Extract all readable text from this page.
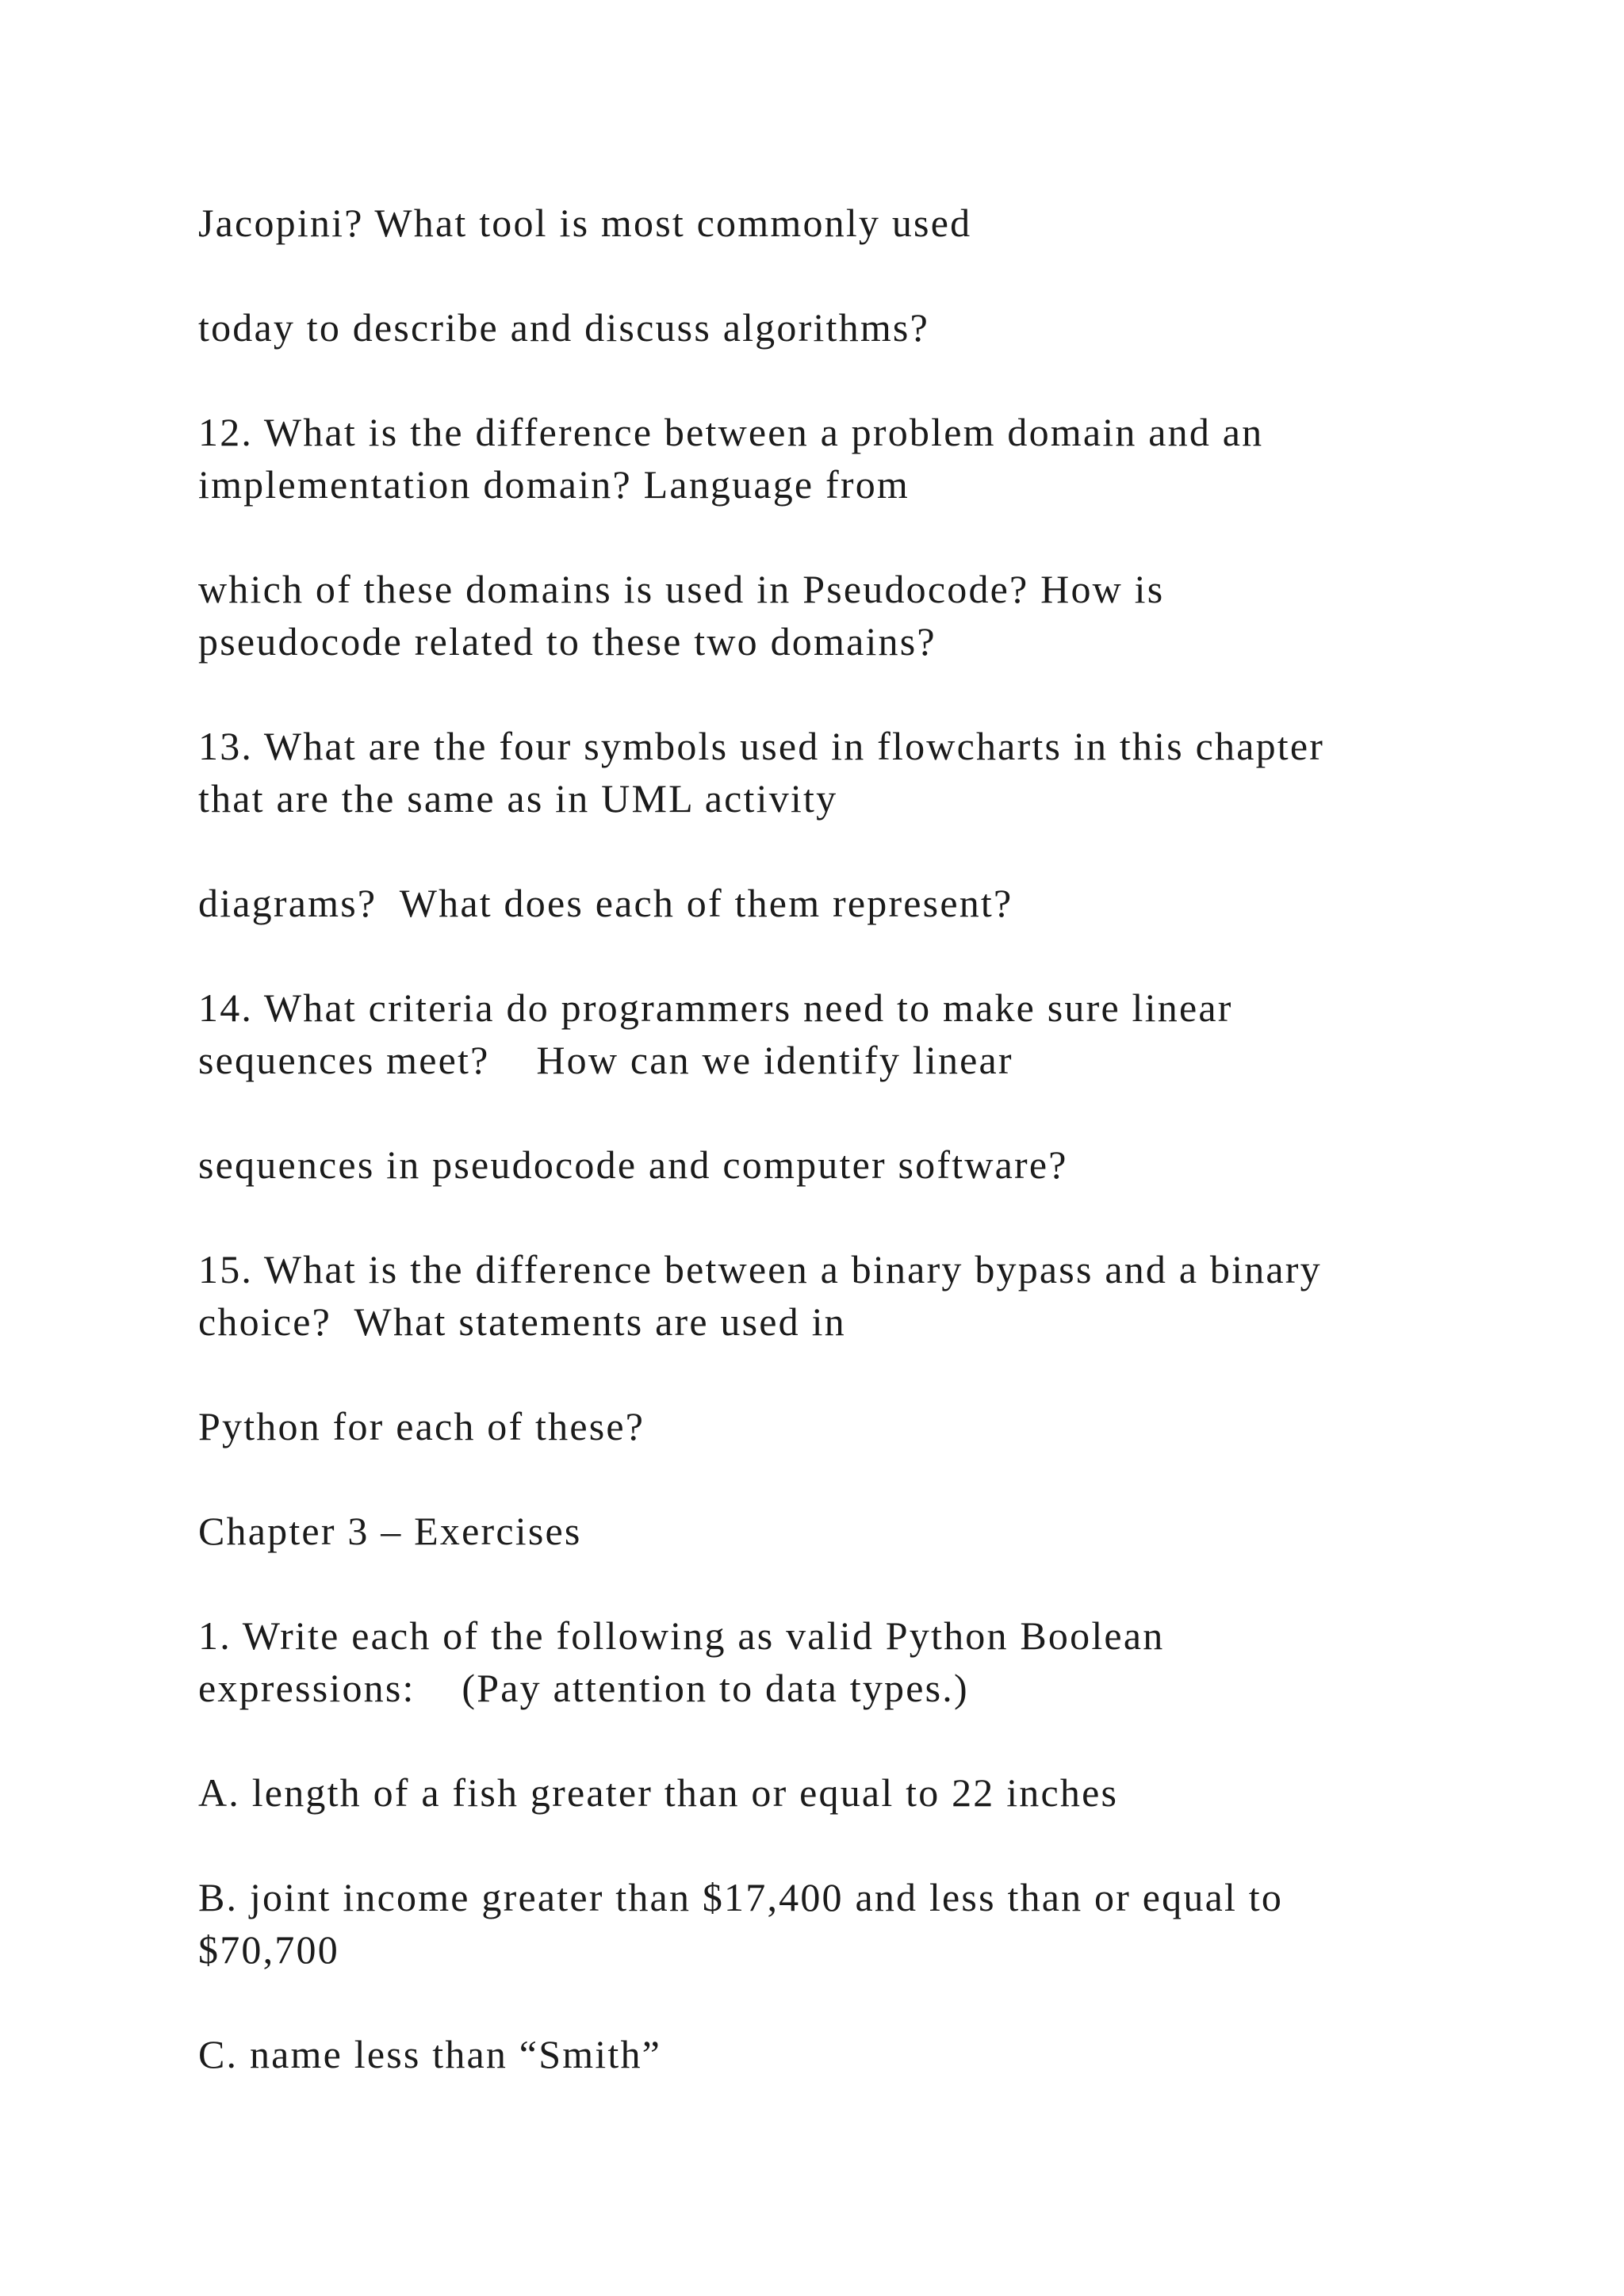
Jacopini? What tool is most commonly used

today to describe and discuss algorithms?

12. What is the difference between a problem domain and an
implementation domain? Language from

which of these domains is used in Pseudocode? How is
pseudocode related to these two domains?

13. What are the four symbols used in flowcharts in this chapter
that are the same as in UML activity

diagrams?  What does each of them represent?

14. What criteria do programmers need to make sure linear
sequences meet?    How can we identify linear

sequences in pseudocode and computer software?

15. What is the difference between a binary bypass and a binary
choice?  What statements are used in

Python for each of these?

Chapter 3 – Exercises

1. Write each of the following as valid Python Boolean
expressions:    (Pay attention to data types.)

A. length of a fish greater than or equal to 22 inches

B. joint income greater than $17,400 and less than or equal to
$70,700

C. name less than “Smith”
